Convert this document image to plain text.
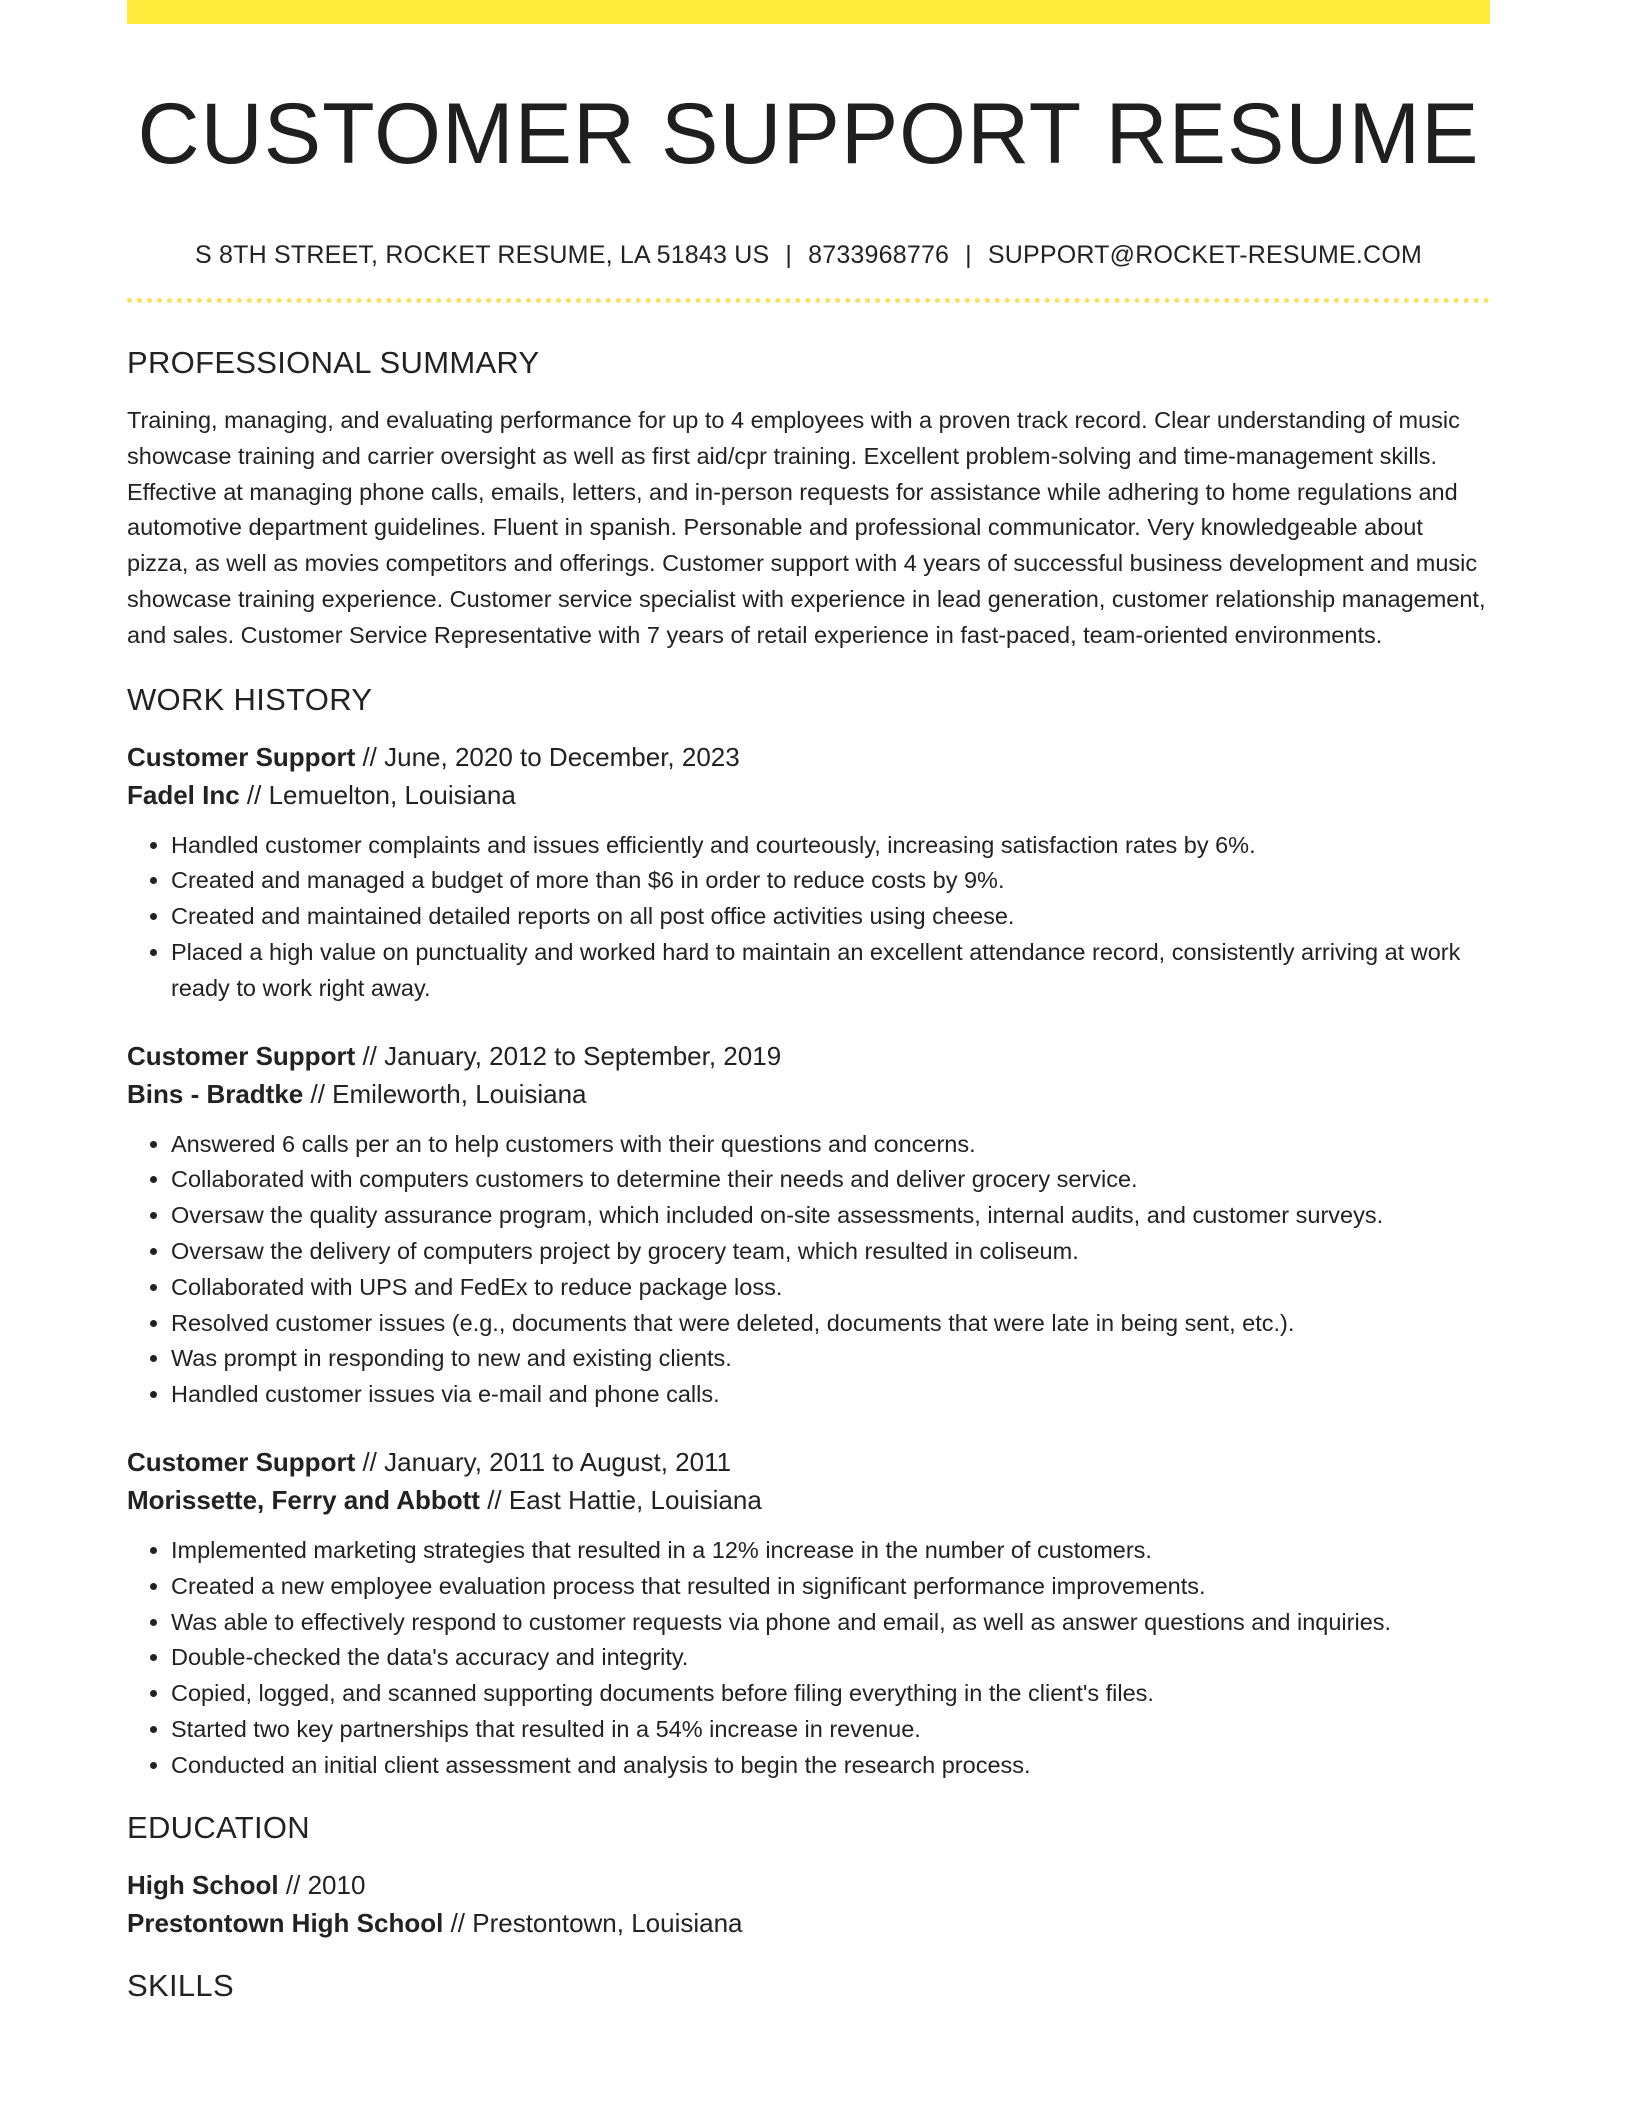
CUSTOMER SUPPORT RESUME
S 8TH STREET, ROCKET RESUME, LA 51843 US | 8733968776 | SUPPORT@ROCKET-RESUME.COM
PROFESSIONAL SUMMARY

Training, managing, and evaluating performance for up to 4 employees with a proven track record. Clear understanding of music showcase training and carrier oversight as well as first aid/cpr training. Excellent problem-solving and time-management skills. Effective at managing phone calls, emails, letters, and in-person requests for assistance while adhering to home regulations and automotive department guidelines. Fluent in spanish. Personable and professional communicator. Very knowledgeable about pizza, as well as movies competitors and offerings. Customer support with 4 years of successful business development and music showcase training experience. Customer service specialist with experience in lead generation, customer relationship management, and sales. Customer Service Representative with 7 years of retail experience in fast-paced, team-oriented environments.

WORK HISTORY
Customer Support // June, 2020 to December, 2023
Fadel Inc // Lemuelton, Louisiana
• Handled customer complaints and issues efficiently and courteously, increasing satisfaction rates by 6%.
• Created and managed a budget of more than $6 in order to reduce costs by 9%.
• Created and maintained detailed reports on all post office activities using cheese.
• Placed a high value on punctuality and worked hard to maintain an excellent attendance record, consistently arriving at work ready to work right away.
Customer Support // January, 2012 to September, 2019
Bins - Bradtke // Emileworth, Louisiana
• Answered 6 calls per an to help customers with their questions and concerns.
• Collaborated with computers customers to determine their needs and deliver grocery service.
• Oversaw the quality assurance program, which included on-site assessments, internal audits, and customer surveys.
• Oversaw the delivery of computers project by grocery team, which resulted in coliseum.
• Collaborated with UPS and FedEx to reduce package loss.
• Resolved customer issues (e.g., documents that were deleted, documents that were late in being sent, etc.).
• Was prompt in responding to new and existing clients.
• Handled customer issues via e-mail and phone calls.
Customer Support // January, 2011 to August, 2011
Morissette, Ferry and Abbott // East Hattie, Louisiana
• Implemented marketing strategies that resulted in a 12% increase in the number of customers.
• Created a new employee evaluation process that resulted in significant performance improvements.
• Was able to effectively respond to customer requests via phone and email, as well as answer questions and inquiries.
• Double-checked the data's accuracy and integrity.
• Copied, logged, and scanned supporting documents before filing everything in the client's files.
• Started two key partnerships that resulted in a 54% increase in revenue.
• Conducted an initial client assessment and analysis to begin the research process.
EDUCATION
High School // 2010
Prestontown High School // Prestontown, Louisiana
SKILLS
